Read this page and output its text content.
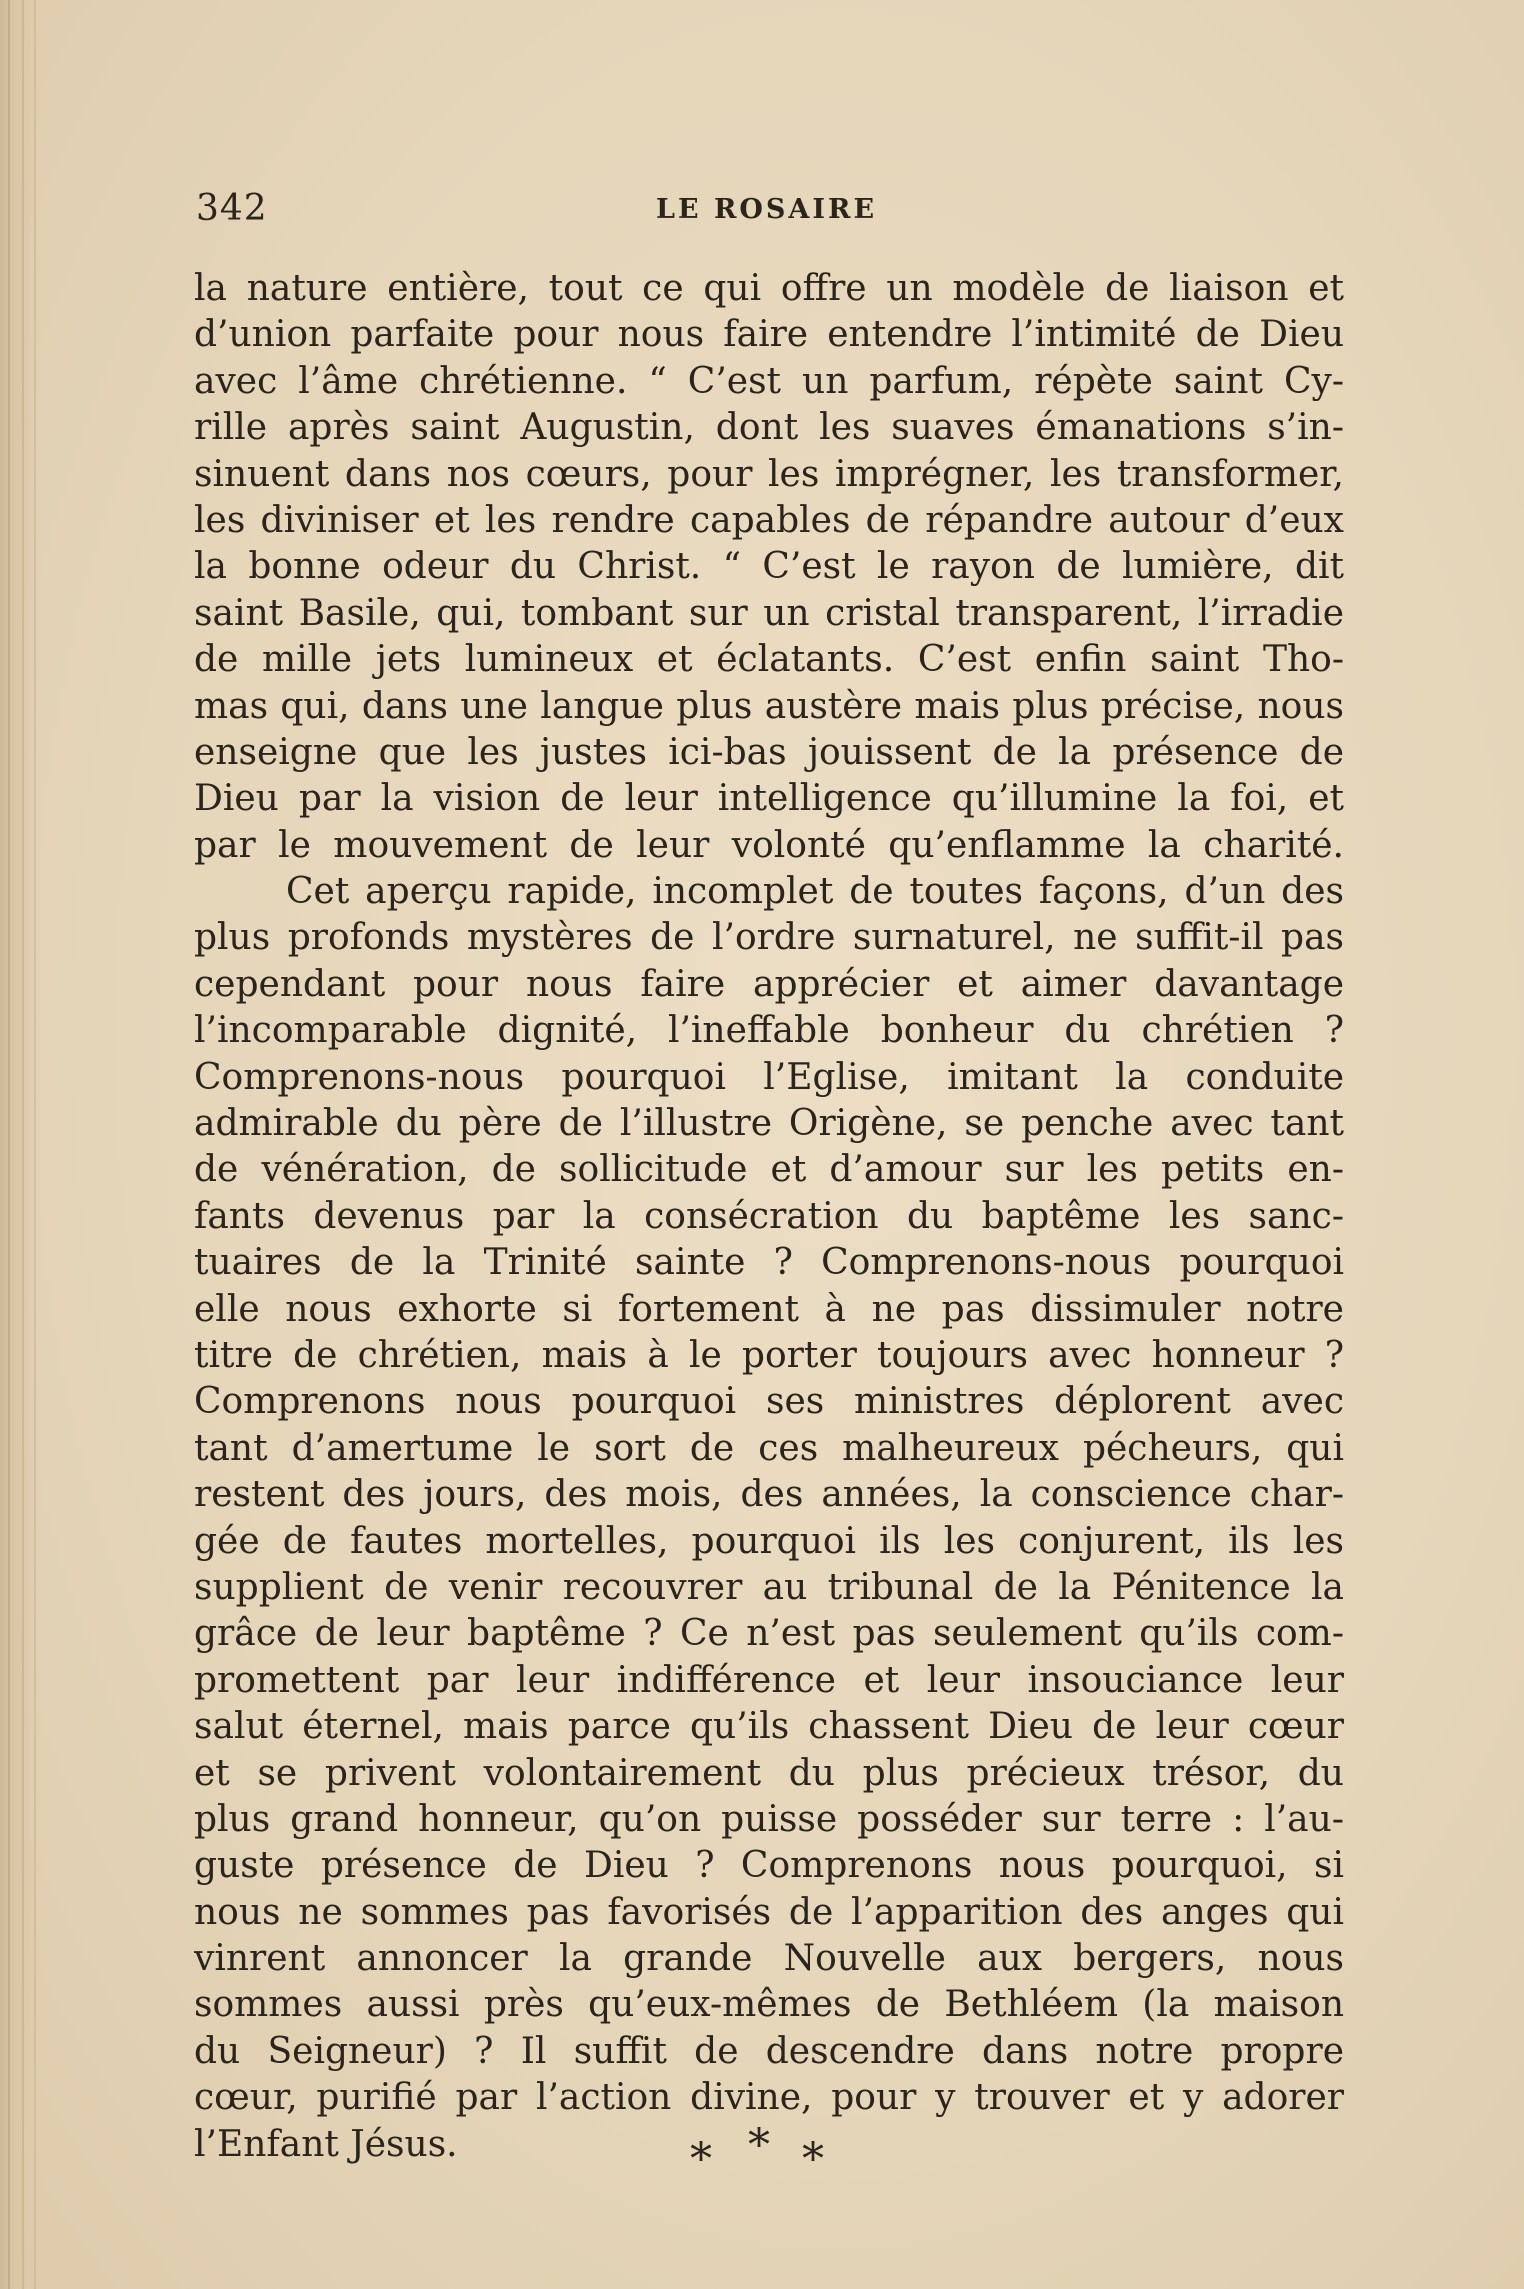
342	LE ROSAIRE
la nature entière, tout ce qui offre un modèle de liaison et
d’union parfaite pour nous faire entendre l’intimité de Dieu
avec l’âme chrétienne. “ C’est un parfum, répète saint Cy-
rille après saint Augustin, dont les suaves émanations s’in-
sinuent dans nos cœurs, pour les imprégner, les transformer,
les diviniser et les rendre capables de répandre autour d’eux
la bonne odeur du Christ. “ C’est le rayon de lumière, dit
saint Basile, qui, tombant sur un cristal transparent, l’irradie
de mille jets lumineux et éclatants. C’est enfin saint Tho-
mas qui, dans une langue plus austère mais plus précise, nous
enseigne que les justes ici-bas jouissent de la présence de
Dieu par la vision de leur intelligence qu’illumine la foi, et
par le mouvement de leur volonté qu’enflamme la charité.
Cet aperçu rapide, incomplet de toutes façons, d’un des
plus profonds mystères de l’ordre surnaturel, ne suffit-il pas
cependant pour nous faire apprécier et aimer davantage
l’incomparable dignité, l’ineffable bonheur du chrétien ?
Comprenons-nous pourquoi l’Eglise, imitant la conduite
admirable du père de l’illustre Origène, se penche avec tant
de vénération, de sollicitude et d’amour sur les petits en-
fants devenus par la consécration du baptême les sanc-
tuaires de la Trinité sainte ? Comprenons-nous pourquoi
elle nous exhorte si fortement à ne pas dissimuler notre
titre de chrétien, mais à le porter toujours avec honneur ?
Comprenons nous pourquoi ses ministres déplorent avec
tant d’amertume le sort de ces malheureux pécheurs, qui
restent des jours, des mois, des années, la conscience char-
gée de fautes mortelles, pourquoi ils les conjurent, ils les
supplient de venir recouvrer au tribunal de la Pénitence la
grâce de leur baptême ? Ce n’est pas seulement qu’ils com-
promettent par leur indifférence et leur insouciance leur
salut éternel, mais parce qu’ils chassent Dieu de leur cœur
et se privent volontairement du plus précieux trésor, du
plus grand honneur, qu’on puisse posséder sur terre : l’au-
guste présence de Dieu ? Comprenons nous pourquoi, si
nous ne sommes pas favorisés de l’apparition des anges qui
vinrent annoncer la grande Nouvelle aux bergers, nous
sommes aussi près qu’eux-mêmes de Bethléem (la maison
du Seigneur) ? Il suffit de descendre dans notre propre
cœur, purifié par l’action divine, pour y trouver et y adorer
l’Enfant Jésus.	* * *
